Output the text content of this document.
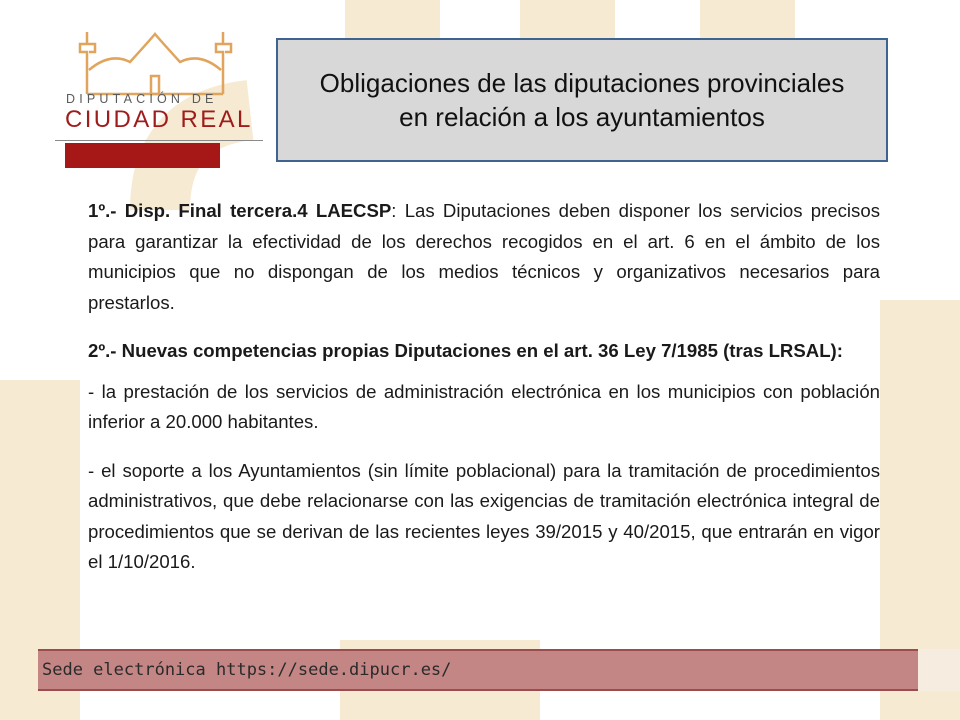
DIPUTACIÓN DE
CIUDAD REAL
Obligaciones de las diputaciones provinciales
en relación a los ayuntamientos

1º.- Disp. Final tercera.4 LAECSP: Las Diputaciones deben disponer los servicios precisos para garantizar la efectividad de los derechos recogidos en el art. 6 en el ámbito de los municipios que no dispongan de los medios técnicos y organizativos necesarios para prestarlos.

2º.- Nuevas competencias propias Diputaciones en el art. 36 Ley 7/1985 (tras LRSAL):

- la prestación de los servicios de administración electrónica en los municipios con población inferior a 20.000 habitantes.

- el soporte a los Ayuntamientos (sin límite poblacional) para la tramitación de procedimientos administrativos, que debe relacionarse con las exigencias de tramitación electrónica integral de procedimientos que se derivan de las recientes leyes 39/2015 y 40/2015, que entrarán en vigor el 1/10/2016.

Sede electrónica https://sede.dipucr.es/
